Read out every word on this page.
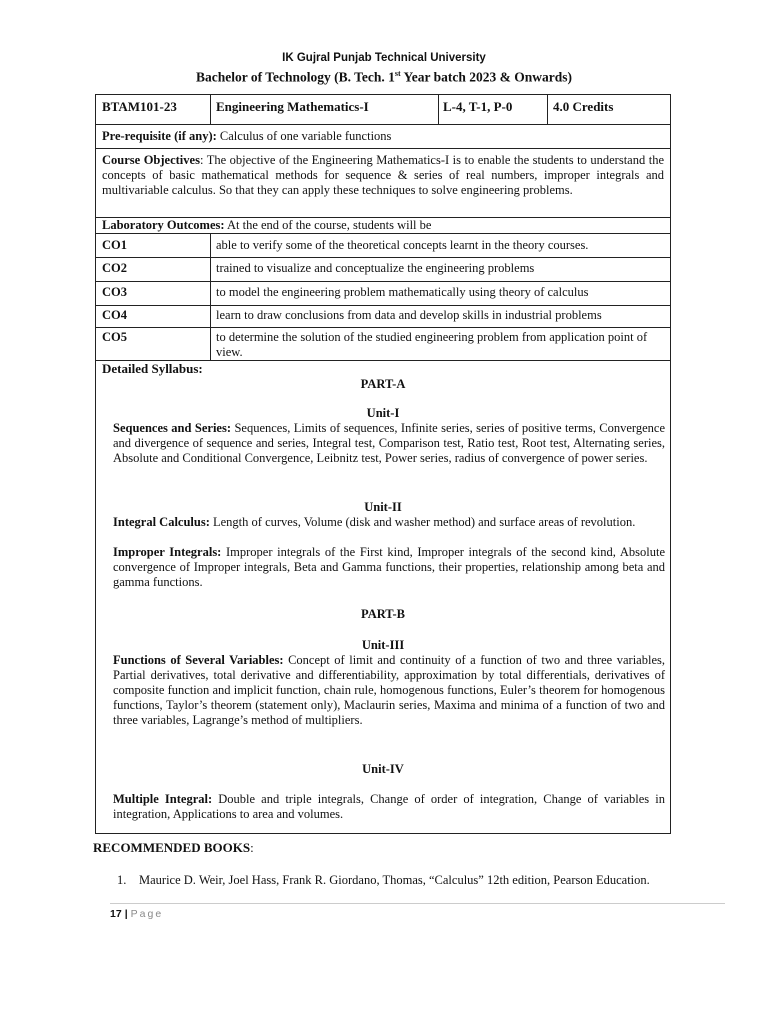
IK Gujral Punjab Technical University
Bachelor of Technology (B. Tech. 1st Year batch 2023 & Onwards)
BTAM101-23	Engineering Mathematics-I	L-4, T-1, P-0	4.0 Credits
Pre-requisite (if any): Calculus of one variable functions
Course Objectives: The objective of the Engineering Mathematics-I is to enable the students to understand the concepts of basic mathematical methods for sequence & series of real numbers, improper integrals and multivariable calculus. So that they can apply these techniques to solve engineering problems.
Laboratory Outcomes: At the end of the course, students will be
CO1	able to verify some of the theoretical concepts learnt in the theory courses.
CO2	trained to visualize and conceptualize the engineering problems
CO3	to model the engineering problem mathematically using theory of calculus
CO4	learn to draw conclusions from data and develop skills in industrial problems
CO5	to determine the solution of the studied engineering problem from application point of view.
Detailed Syllabus:
PART-A
Unit-I
Sequences and Series: Sequences, Limits of sequences, Infinite series, series of positive terms, Convergence and divergence of sequence and series, Integral test, Comparison test, Ratio test, Root test, Alternating series, Absolute and Conditional Convergence, Leibnitz test, Power series, radius of convergence of power series.
Unit-II
Integral Calculus: Length of curves, Volume (disk and washer method) and surface areas of revolution.
Improper Integrals: Improper integrals of the First kind, Improper integrals of the second kind, Absolute convergence of Improper integrals, Beta and Gamma functions, their properties, relationship among beta and gamma functions.
PART-B
Unit-III
Functions of Several Variables: Concept of limit and continuity of a function of two and three variables, Partial derivatives, total derivative and differentiability, approximation by total differentials, derivatives of composite function and implicit function, chain rule, homogenous functions, Euler’s theorem for homogenous functions, Taylor’s theorem (statement only), Maclaurin series, Maxima and minima of a function of two and three variables, Lagrange’s method of multipliers.
Unit-IV
Multiple Integral: Double and triple integrals, Change of order of integration, Change of variables in integration, Applications to area and volumes.
RECOMMENDED BOOKS:
1. Maurice D. Weir, Joel Hass, Frank R. Giordano, Thomas, “Calculus” 12th edition, Pearson Education.
17 | Page
